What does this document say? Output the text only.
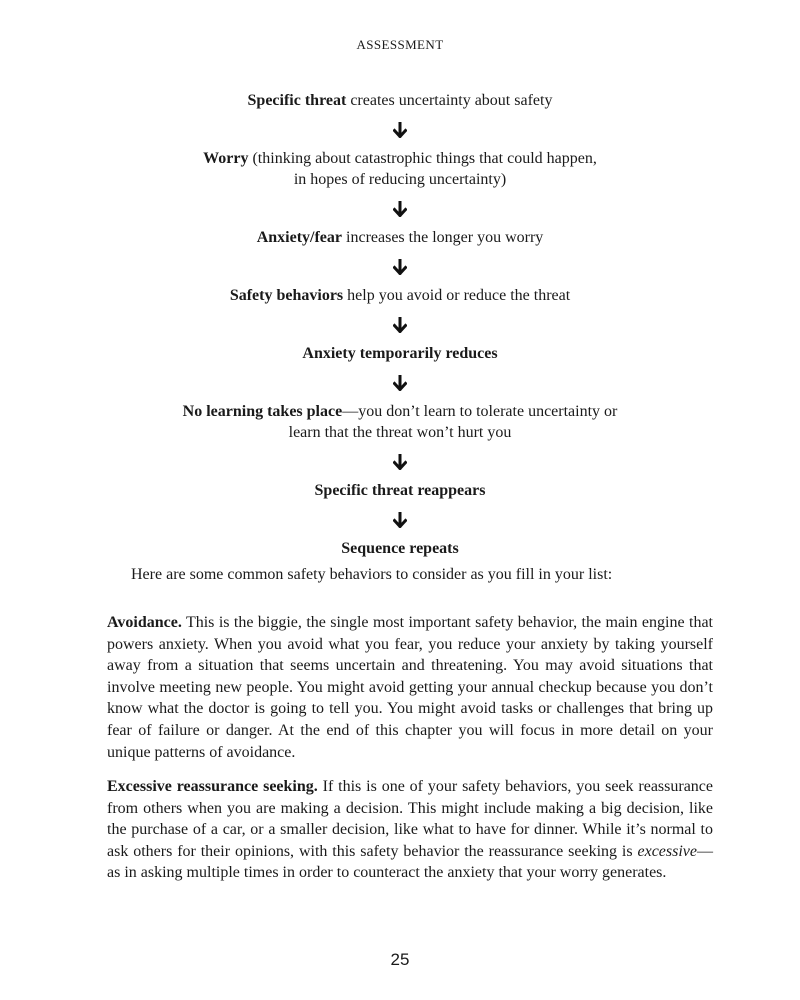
ASSESSMENT
Specific threat creates uncertainty about safety
Worry (thinking about catastrophic things that could happen,
in hopes of reducing uncertainty)
Anxiety/fear increases the longer you worry
Safety behaviors help you avoid or reduce the threat
Anxiety temporarily reduces
No learning takes place—you don’t learn to tolerate uncertainty or
learn that the threat won’t hurt you
Specific threat reappears
Sequence repeats
Here are some common safety behaviors to consider as you fill in your list:

Avoidance. This is the biggie, the single most important safety behavior, the main engine that powers anxiety. When you avoid what you fear, you reduce your anxiety by taking yourself away from a situation that seems uncertain and threatening. You may avoid situations that involve meeting new people. You might avoid getting your annual checkup because you don’t know what the doctor is going to tell you. You might avoid tasks or challenges that bring up fear of failure or danger. At the end of this chapter you will focus in more detail on your unique patterns of avoidance.

Excessive reassurance seeking. If this is one of your safety behaviors, you seek reassurance from others when you are making a decision. This might include making a big decision, like the purchase of a car, or a smaller decision, like what to have for dinner. While it’s normal to ask others for their opinions, with this safety behavior the reassurance seeking is excessive—as in asking multiple times in order to counteract the anxiety that your worry generates.

25
